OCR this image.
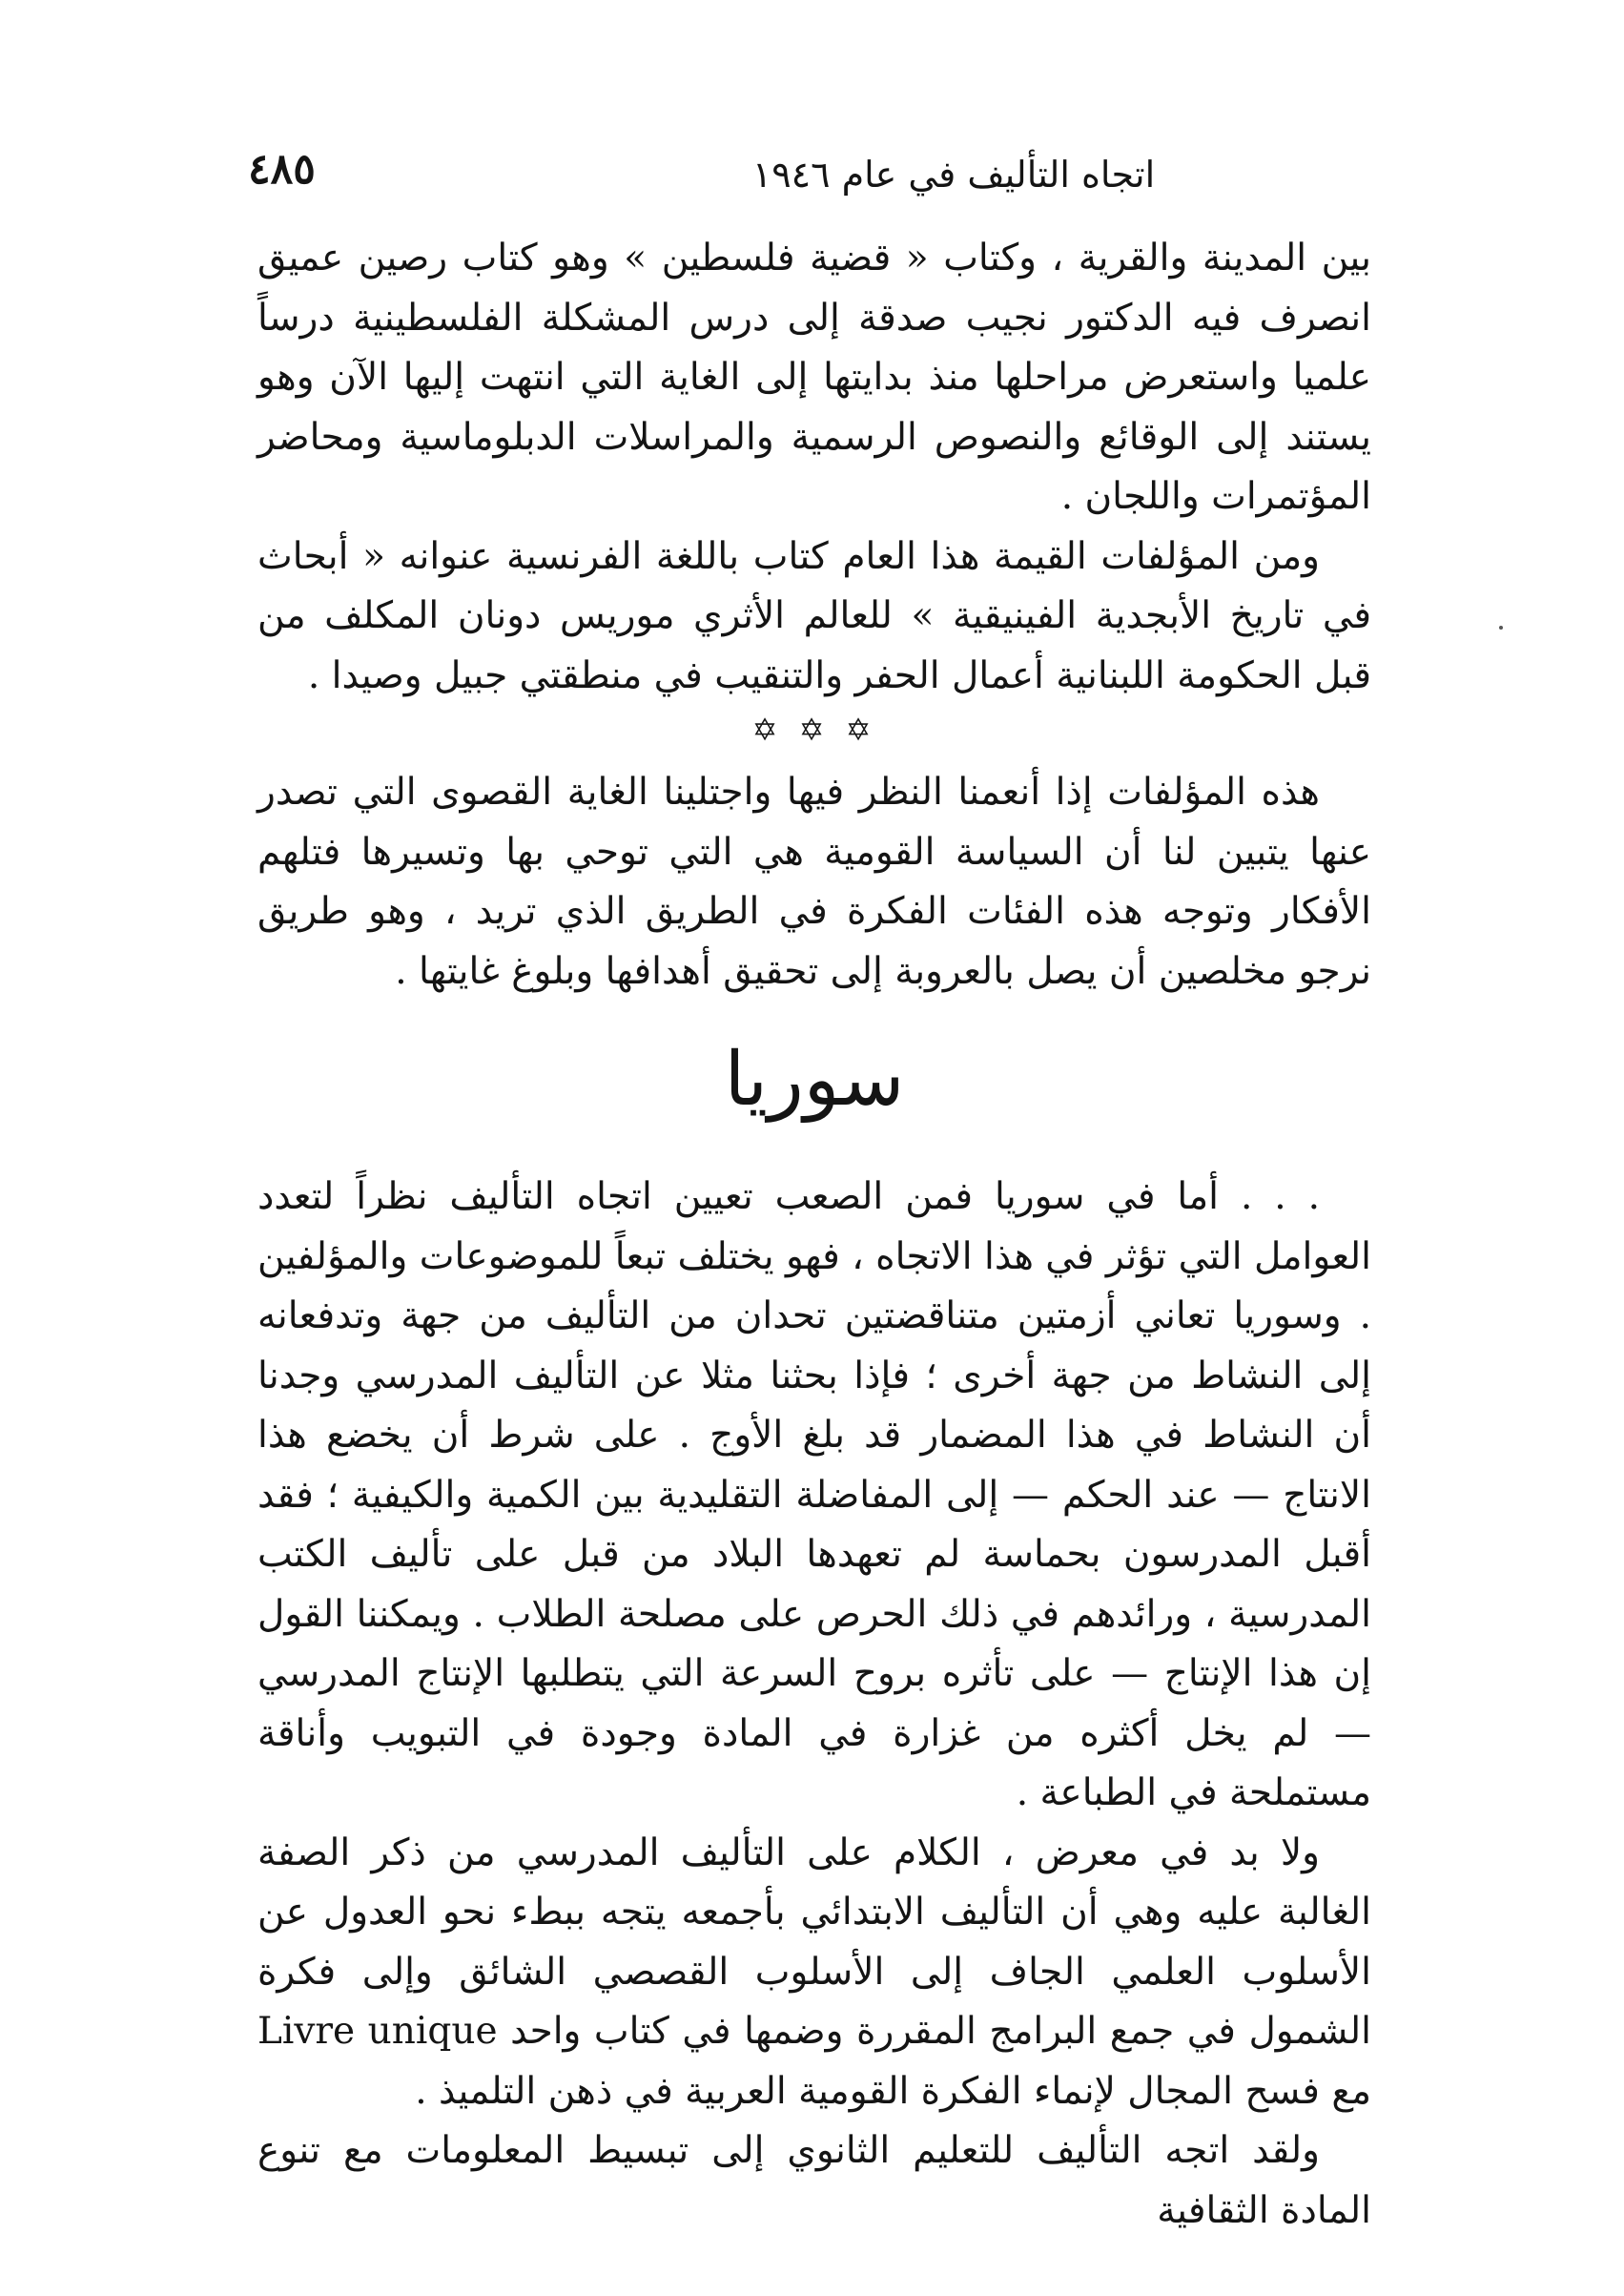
اتجاه التأليف في عام ١٩٤٦
٤٨٥

بين المدينة والقرية ، وكتاب « قضية فلسطين » وهو كتاب رصين عميق انصرف فيه الدكتور نجيب صدقة إلى درس المشكلة الفلسطينية درساً علميا واستعرض مراحلها منذ بدايتها إلى الغاية التي انتهت إليها الآن وهو يستند إلى الوقائع والنصوص الرسمية والمراسلات الدبلوماسية ومحاضر المؤتمرات واللجان .

ومن المؤلفات القيمة هذا العام كتاب باللغة الفرنسية عنوانه « أبحاث في تاريخ الأبجدية الفينيقية » للعالم الأثري موريس دونان المكلف من قبل الحكومة اللبنانية أعمال الحفر والتنقيب في منطقتي جبيل وصيدا .

✡ ✡ ✡

هذه المؤلفات إذا أنعمنا النظر فيها واجتلينا الغاية القصوى التي تصدر عنها يتبين لنا أن السياسة القومية هي التي توحي بها وتسيرها فتلهم الأفكار وتوجه هذه الفئات الفكرة في الطريق الذي تريد ، وهو طريق نرجو مخلصين أن يصل بالعروبة إلى تحقيق أهدافها وبلوغ غايتها .

سوريا

. . . أما في سوريا فمن الصعب تعيين اتجاه التأليف نظراً لتعدد العوامل التي تؤثر في هذا الاتجاه ، فهو يختلف تبعاً للموضوعات والمؤلفين . وسوريا تعاني أزمتين متناقضتين تحدان من التأليف من جهة وتدفعانه إلى النشاط من جهة أخرى ؛ فإذا بحثنا مثلا عن التأليف المدرسي وجدنا أن النشاط في هذا المضمار قد بلغ الأوج . على شرط أن يخضع هذا الانتاج — عند الحكم — إلى المفاضلة التقليدية بين الكمية والكيفية ؛ فقد أقبل المدرسون بحماسة لم تعهدها البلاد من قبل على تأليف الكتب المدرسية ، ورائدهم في ذلك الحرص على مصلحة الطلاب . ويمكننا القول إن هذا الإنتاج — على تأثره بروح السرعة التي يتطلبها الإنتاج المدرسي — لم يخل أكثره من غزارة في المادة وجودة في التبويب وأناقة مستملحة في الطباعة .

ولا بد في معرض ، الكلام على التأليف المدرسي من ذكر الصفة الغالبة عليه وهي أن التأليف الابتدائي بأجمعه يتجه ببطء نحو العدول عن الأسلوب العلمي الجاف إلى الأسلوب القصصي الشائق وإلى فكرة الشمول في جمع البرامج المقررة وضمها في كتاب واحد Livre unique مع فسح المجال لإنماء الفكرة القومية العربية في ذهن التلميذ .

ولقد اتجه التأليف للتعليم الثانوي إلى تبسيط المعلومات مع تنوع المادة الثقافية
